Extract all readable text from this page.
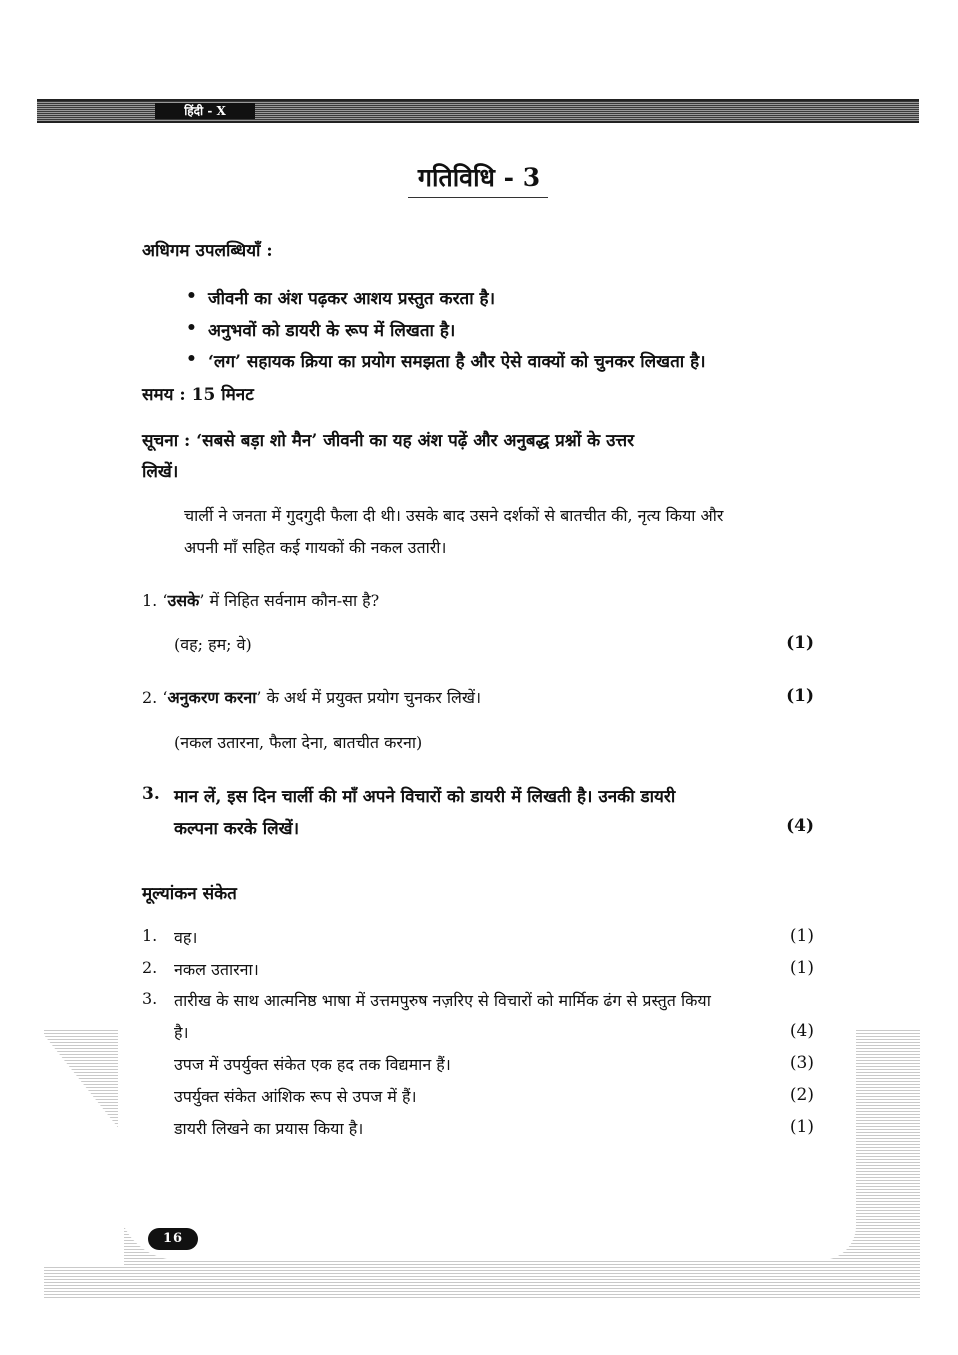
16
हिंदी - X
गतिविधि - 3
अधिगम उपलब्धियाँ :
• जीवनी का अंश पढ़कर आशय प्रस्तुत करता है।
• अनुभवों को डायरी के रूप में लिखता है।
• ‘लग’ सहायक क्रिया का प्रयोग समझता है और ऐसे वाक्यों को चुनकर लिखता है।
समय : 15 मिनट
सूचना : ‘सबसे बड़ा शो मैन’ जीवनी का यह अंश पढ़ें और अनुबद्ध प्रश्नों के उत्तर
लिखें।
चार्ली ने जनता में गुदगुदी फैला दी थी। उसके बाद उसने दर्शकों से बातचीत की, नृत्य किया और
अपनी माँ सहित कई गायकों की नकल उतारी।
1. ‘उसके’ में निहित सर्वनाम कौन-सा है?
(वह; हम; वे)	(1)
2. ‘अनुकरण करना’ के अर्थ में प्रयुक्त प्रयोग चुनकर लिखें।	(1)
(नकल उतारना, फैला देना, बातचीत करना)
3. मान लें, इस दिन चार्ली की माँ अपने विचारों को डायरी में लिखती है। उनकी डायरी
कल्पना करके लिखें।	(4)
मूल्यांकन संकेत
1. वह।	(1)
2. नकल उतारना।	(1)
3. तारीख के साथ आत्मनिष्ठ भाषा में उत्तमपुरुष नज़रिए से विचारों को मार्मिक ढंग से प्रस्तुत किया
है।	(4)
उपज में उपर्युक्त संकेत एक हद तक विद्यमान हैं।	(3)
उपर्युक्त संकेत आंशिक रूप से उपज में हैं।	(2)
डायरी लिखने का प्रयास किया है।	(1)
